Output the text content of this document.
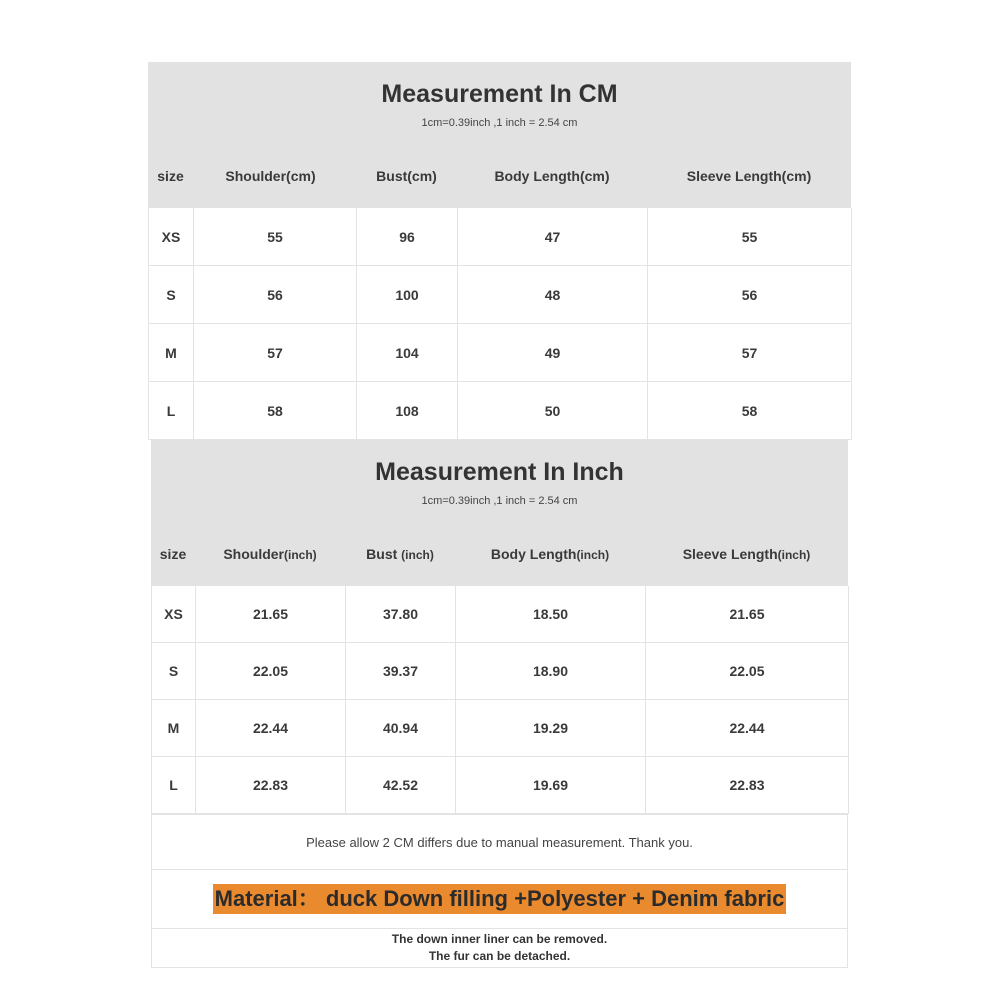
Measurement In CM
1cm=0.39inch ,1 inch = 2.54 cm
size	Shoulder(cm)	Bust(cm)	Body Length(cm)	Sleeve Length(cm)
XS	55	96	47	55
S	56	100	48	56
M	57	104	49	57
L	58	108	50	58
Measurement In Inch
1cm=0.39inch ,1 inch = 2.54 cm
size	Shoulder(inch)	Bust (inch)	Body Length(inch)	Sleeve Length(inch)
XS	21.65	37.80	18.50	21.65
S	22.05	39.37	18.90	22.05
M	22.44	40.94	19.29	22.44
L	22.83	42.52	19.69	22.83
Please allow 2 CM differs due to manual measurement. Thank you.
Material： duck Down filling +Polyester + Denim fabric

The down inner liner can be removed.
The fur can be detached.
